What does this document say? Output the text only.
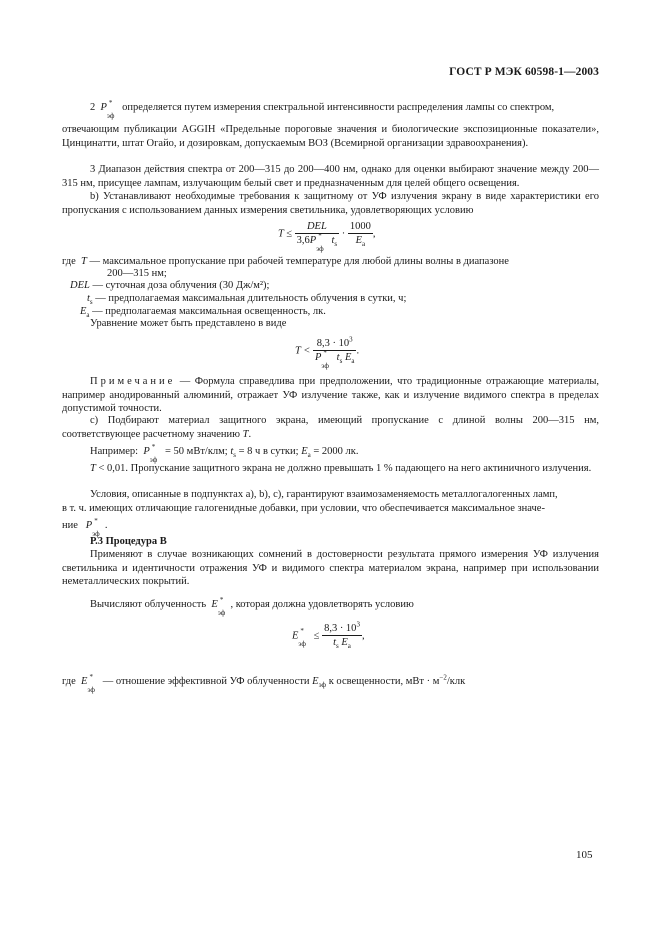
ГОСТ Р МЭК 60598-1—2003
2 P *
эф
определяется путем измерения спектральной интенсивности распределения лампы со спектром,
отвечающим публикации AGGIH «Предельные пороговые значения и биологические экспозиционные показатели», Цинцинатти, штат Огайо, и дозировкам, допускаемым ВОЗ (Всемирной организации здравоохранения).
3 Диапазон действия спектра от 200—315 до 200—400 нм, однако для оценки выбирают значение между 200—315 нм, присущее лампам, излучающим белый свет и предназначенным для целей общего освещения.
b) Устанавливают необходимые требования к защитному от УФ излучения экрану в виде характеристики его пропускания с использованием данных измерения светильника, удовлетворяющих условию
T ≤ DEL
3,6P *
эф
$t_s \cdot \frac{1000}{E_a}$ ,
где T — максимальное пропускание при рабочей температуре для любой длины волны в диапазоне
200—315 нм;
DEL — суточная доза облучения (30 Дж/м²);
$t_s$ — предполагаемая максимальная длительность облучения в сутки, ч;
$E_a$ — предполагаемая максимальная освещенность, лк.
Уравнение может быть представлено в виде
$T < 8,3 \cdot 10^3$
P *
эф
$t_s$ $E_a$ .
Примечание — Формула справедлива при предположении, что традиционные отражающие материалы, например анодированный алюминий, отражает УФ излучение также, как и излучение видимого спектра в пределах допустимой точности.
c) Подбирают материал защитного экрана, имеющий пропускание с длиной волны 200—315 нм, соответствующее расчетному значению T.
Например: P *
эф
= 50 мВт/клм; $t_s = 8$ ч в сутки; $E_a = 2000$ лк.
T < 0,01. Пропускание защитного экрана не должно превышать 1 % падающего на него актиничного излучения.
Условия, описанные в подпунктах a), b), c), гарантируют взаимозаменяемость металлогалогенных ламп,
в т. ч. имеющих отличающие галогенидные добавки, при условии, что обеспечивается максимальное значе-
ние P *
эф
.
Р.3 Процедура В
Применяют в случае возникающих сомнений в достоверности результата прямого измерения УФ излучения светильника и идентичности отражения УФ и видимого спектра материалом экрана, например при использовании неметаллических покрытий.
Вычисляют облученность E *
эф
, которая должна удовлетворять условию
E *
эф
≤ $\frac{8,3 \cdot 10^3}{t_s E_a}$ ,
где E *
эф
— отношение эффективной УФ облученности $E_{эф}$ к освещенности, мВт · $м^{-2}$/клк
105
